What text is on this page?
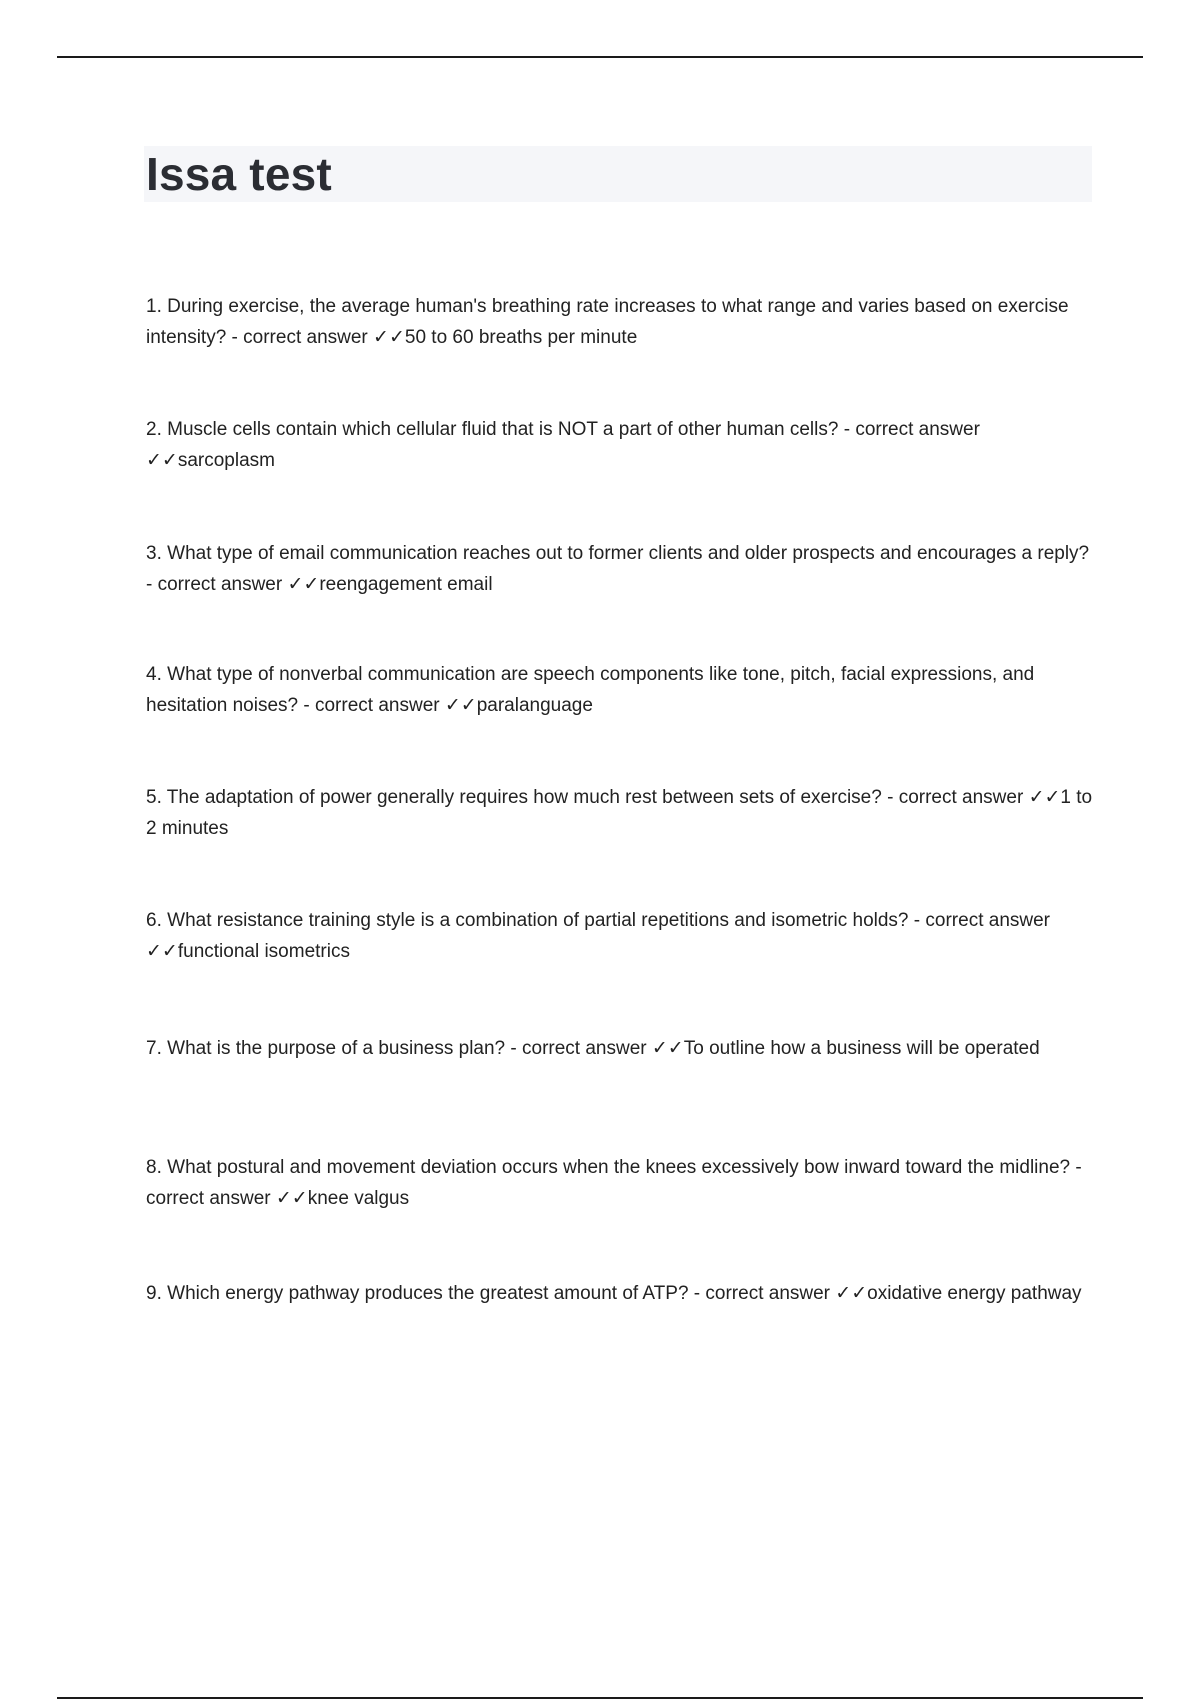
Issa test

1. During exercise, the average human's breathing rate increases to what range and varies based on exercise intensity? - correct answer ✓✓50 to 60 breaths per minute

2. Muscle cells contain which cellular fluid that is NOT a part of other human cells? - correct answer ✓✓sarcoplasm

3. What type of email communication reaches out to former clients and older prospects and encourages a reply? - correct answer ✓✓reengagement email

4. What type of nonverbal communication are speech components like tone, pitch, facial expressions, and hesitation noises? - correct answer ✓✓paralanguage

5. The adaptation of power generally requires how much rest between sets of exercise? - correct answer ✓✓1 to 2 minutes

6. What resistance training style is a combination of partial repetitions and isometric holds? - correct answer ✓✓functional isometrics

7. What is the purpose of a business plan? - correct answer ✓✓To outline how a business will be operated

8. What postural and movement deviation occurs when the knees excessively bow inward toward the midline? - correct answer ✓✓knee valgus

9. Which energy pathway produces the greatest amount of ATP? - correct answer ✓✓oxidative energy pathway
